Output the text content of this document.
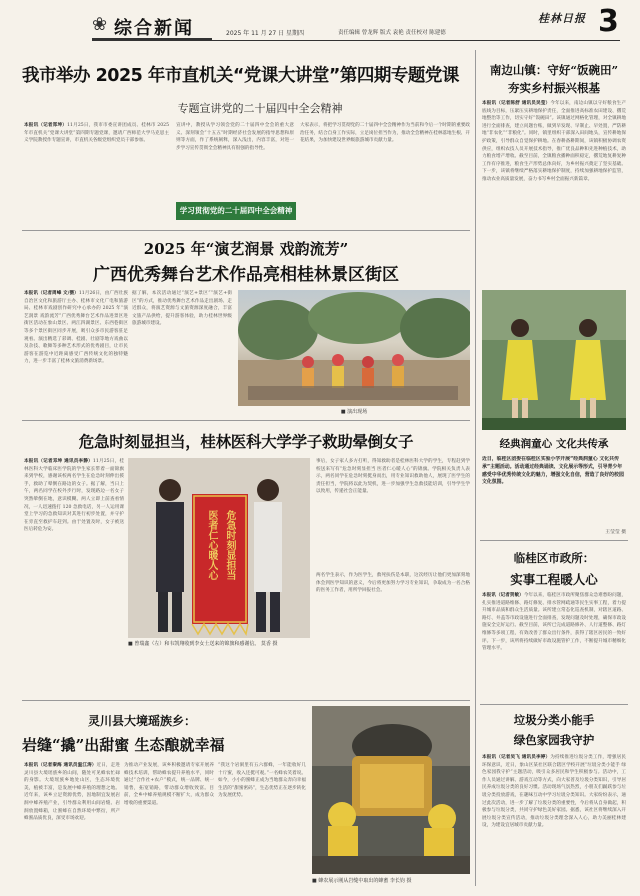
❀ 综合新闻	2025 年 11 月 27 日 星期四	责任编辑 曾龙辉 版式 袁艳 责任校对 陈建德
桂林日报 3
我市举办 2025 年市直机关“党课大讲堂”第四期专题党课
专题宣讲党的二十届四中全会精神
本报讯（记者郑坤）11月25日，我市市委宣讲团成员、桂林市 2025 年市直机关“党课大讲堂”第四期专题党课，邀请广西师范大学马克思主义学院教授作专题宣讲，市直机关各级党组织党员干部参加。
宣讲中，教授从学习领会党的二十届四中全会的重大意义、深刻领会“十五五”时期经济社会发展的指导思想和原则等方面，作了系统阐释，深入浅出，内容丰富，对进一步学习宣传贯彻全会精神具有很强的指导性。
大家表示，将把学习贯彻党的二十届四中全会精神作为当前和今后一个时期的重要政治任务，结合自身工作实际，立足岗位担当作为，推动全会精神在桂林落地生根、开花结果，为加快建设世界级旅游城市贡献力量。
学习贯彻党的二十届四中全会精神
2025 年“演艺润景 戏韵流芳”
广西优秀舞台艺术作品亮相桂林景区街区
本报讯（记者周峰 文/摄）11月26日，由广西壮族自治区文化和旅游厅主办、桂林市文化广电和旅游局、桂林市戏剧创作研究中心承办的 2025 年“演艺润景 戏韵流芳”广西优秀舞台艺术作品进景区进街区活动在象山景区、两江四湖景区、东西巷街区等多个景区街区同步开展，吸引众多市民游客驻足观看。演出精选了彩调、桂剧、壮剧等地方戏曲以及杂技、歌舞等多种艺术形式的优秀剧目，让市民游客在游览中近距离感受广西传统文化的独特魅力，进一步丰富了桂林文旅消费新场景。
据了解，本次活动通过“演艺+景区”“演艺+街区”的方式，推动优秀舞台艺术作品走出剧场、走近群众，将演艺资源与文旅资源深度融合，丰富文旅产品供给，提升游客体验，助力桂林世界级旅游城市建设。
■ 演出现场
危急时刻显担当，桂林医科大学学子救助晕倒女子
本报讯（记者邓坤 通讯员李静）11月25日，桂林医科大学临床医学院的学生家长带着一面锦旗来到学校，感谢该校两名学生在危急时刻伸出援手，救助了晕倒在路边的女子。据了解，当日上午，两名同学在校外步行时，发现路边一名女子突然晕倒在地，意识模糊。两人立即上前查看情况，一人迅速拨打 120 急救电话，另一人运用课堂上学习的急救知识对其进行初步处置，并守护在旁直至救护车赶到。由于处置及时，女子被送医后转危为安。	危急时刻显担当
医者仁心暖人心
■ 曾瑞鑫（左）和韦凯翔收到李女士送来的锦旗和感谢信。 莫香 摄
事后，女子家人多方打听，得知救助者是桂林医科大学的学生，专程赶到学校送来写有“危急时刻显担当 医者仁心暖人心”的锦旗。学院相关负责人表示，两名同学在危急时刻挺身而出，用专业知识救助他人，展现了医学生的责任担当，学院将以此为契机，进一步加强学生急救技能培训，引导学生学以致用，传递社会正能量。
两名学生表示，作为医学生，救死扶伤是本职，这次经历让他们更加深刻地体会到医学知识的意义，今后将更加努力学习专业知识，争取成为一名合格的医务工作者，用所学回报社会。
灵川县大境瑶族乡：
岩缝“撬”出甜蜜 生态酿就幸福
本报讯（记者秦海 通讯员温江涛）近日，走进灵川县大境瑶族乡的山间，随处可见蜂农忙碌的身影。大境瑶族乡地处山区，生态环境优美，植被丰富，是发展中蜂养殖的理想之地。近年来，该乡立足资源优势，因地制宜发展岩洞中蜂养殖产业，引导群众利用山间岩缝、岩洞放置蜂箱，让蜜蜂在自然环境中繁衍，所产蜂蜜品质优良，深受市场欢迎。
为推动产业发展，该乡积极邀请专家开展养蜂技术培训，帮助蜂农提升养殖水平，同时通过“合作社+农户”模式，统一品牌、统一销售，拓宽销路，带动群众增收致富。目前，全乡中蜂养殖规模不断扩大，成为群众增收的重要渠道。
“我这个岩洞里有五六群蜂，一年能收好几十斤蜜，收入还挺可观。”一名蜂农笑着说。如今，小小的蜜蜂正成为当地群众奔向幸福生活的“甜蜜密码”，生态优势正在逐步转化为发展优势。
■ 蜂农展示刚从岩缝中取出的蜂蜜 李长钧 摄
南边山镇：守好“饭碗田”
夯实乡村振兴根基
本报讯（记者陈舒 通讯员吴莹）今年以来，南边山镇以守好粮食生产底线为目标，压紧压实耕地保护责任，全面推进高标准农田建设、撂荒地整治等工作，切实守好“饭碗田”。该镇通过网格化管理，对全镇耕地进行全面排查，建立问题台账，做到早发现、早制止、早处置，严防耕地“非农化”“非粮化”。同时，镇里组织干部深入田间地头，宣传耕地保护政策，引导群众自觉保护耕地。在春耕备耕期间，该镇积极协调农资供应，组织农技人员开展技术指导，推广优良品种和先进种植技术，助力粮食增产增收。截至目前，全镇粮食播种面积稳定，撂荒地复耕复种工作有序推进，粮食生产形势总体向好，为乡村振兴奠定了坚实基础。下一步，该镇将继续严格落实耕地保护制度，持续加强耕地保护监管，推动农业高质量发展，奋力书写乡村全面振兴新篇章。
经典润童心 文化共传承
近日，临桂区团委在临桂区实验小学开展“经典润童心 文化共传承”主题活动。活动通过经典诵读、文化展示等形式，引导青少年感受中华优秀传统文化的魅力，增强文化自信，营造了良好的校园文化氛围。
王莹莹 摄
临桂区市政所：
实事工程暖人心
本报讯（记者贺敏）今年以来，临桂区市政所聚焦群众急难愁盼问题，扎实推进道路维修、路灯修复、排水管网疏通等民生实事工程，着力提升城市品质和群众生活质量。该所建立常态化巡查机制，对辖区道路、路灯、井盖等市政设施进行全面排查，发现问题及时处理，确保市政设施安全完好运行。截至目前，该所已完成道路修补、人行道整修、路灯维修等多项工程，有效改善了群众出行条件，获得了辖区居民的一致好评。下一步，该所将持续做好市政设施管护工作，不断提升城市精细化管理水平。
垃圾分类小能手
绿色家园我守护
本报讯（记者吴飞 通讯员李婷）为持续推进垃圾分类工作，增强居民环保意识，近日，象山区某社区联合辖区学校开展“垃圾分类小能手 绿色家园我守护”主题活动，吸引众多居民和学生积极参与。活动中，工作人员通过讲解、游戏互动等方式，向大家普及垃圾分类知识，引导居民养成垃圾分类的良好习惯。活动现场气氛热烈，小朋友们踊跃参与垃圾分类投放游戏，在趣味互动中学习垃圾分类知识。大家纷纷表示，通过此次活动，进一步了解了垃圾分类的重要性，今后将从自身做起，积极参与垃圾分类，共同守护绿色美好家园。据悉，该社区将继续深入开展垃圾分类宣传活动，推动垃圾分类理念深入人心，助力美丽桂林建设，为建设宜居城市贡献力量。
